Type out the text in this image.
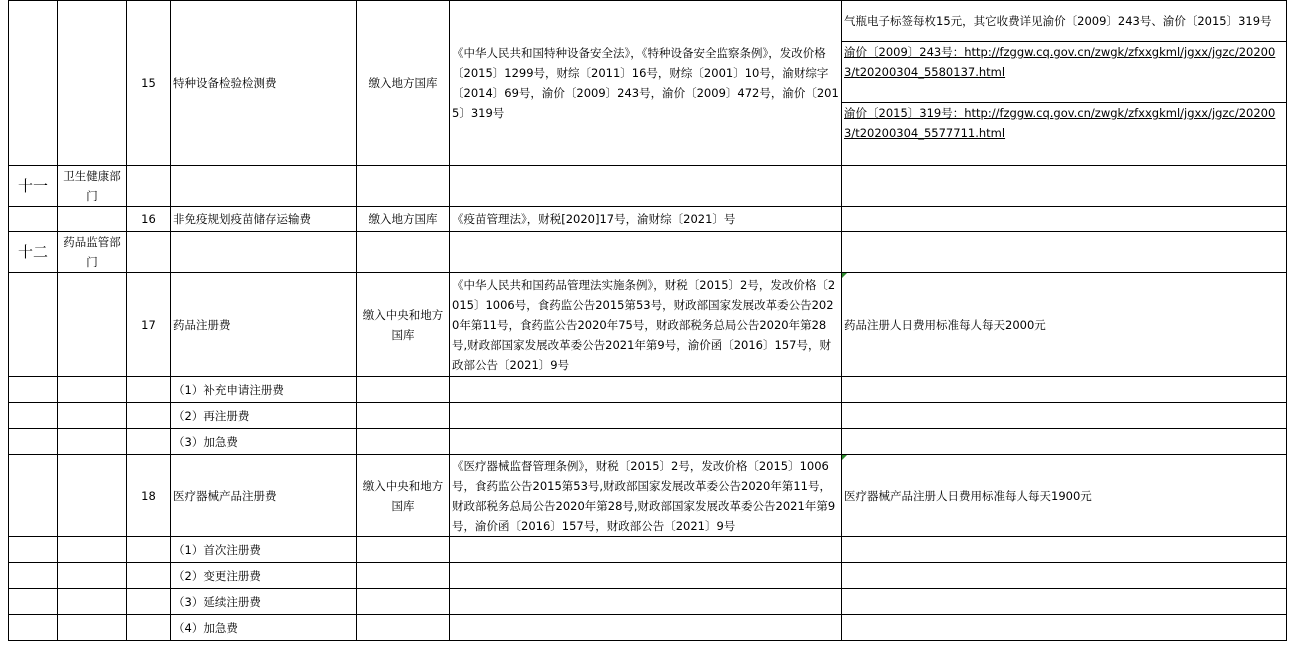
		15	特种设备检验检测费	缴入地方国库	《中华人民共和国特种设备安全法》，《特种设备安全监察条例》，发改价格〔2015〕1299号，财综〔2011〕16号，财综〔2001〕10号，渝财综字〔2014〕69号，渝价〔2009〕243号，渝价〔2009〕472号，渝价〔2015〕319号	气瓶电子标签每枚15元，其它收费详见渝价〔2009〕243号、渝价〔2015〕319号
渝价〔2009〕243号：http://fzggw.cq.gov.cn/zwgk/zfxxgkml/jgxx/jgzc/202003/t20200304_5580137.html
渝价〔2015〕319号：http://fzggw.cq.gov.cn/zwgk/zfxxgkml/jgxx/jgzc/202003/t20200304_5577711.html

十一	卫生健康部门					
		16	非免疫规划疫苗储存运输费	缴入地方国库	《疫苗管理法》，财税[2020]17号，渝财综〔2021〕号	
十二	药品监管部门					
		17	药品注册费	缴入中央和地方国库	《中华人民共和国药品管理法实施条例》，财税〔2015〕2号，发改价格〔2015〕1006号，食药监公告2015第53号，财政部国家发展改革委公告2020年第11号，食药监公告2020年75号，财政部税务总局公告2020年第28号,财政部国家发展改革委公告2021年第9号，渝价函〔2016〕157号，财政部公告〔2021〕9号	药品注册人日费用标准每人每天2000元
			（1）补充申请注册费			
			（2）再注册费			
			（3）加急费			
		18	医疗器械产品注册费	缴入中央和地方国库	《医疗器械监督管理条例》，财税〔2015〕2号，发改价格〔2015〕1006号，食药监公告2015第53号,财政部国家发展改革委公告2020年第11号，财政部税务总局公告2020年第28号,财政部国家发展改革委公告2021年第9号，渝价函〔2016〕157号，财政部公告〔2021〕9号	医疗器械产品注册人日费用标准每人每天1900元
			（1）首次注册费			
			（2）变更注册费			
			（3）延续注册费			
			（4）加急费			
